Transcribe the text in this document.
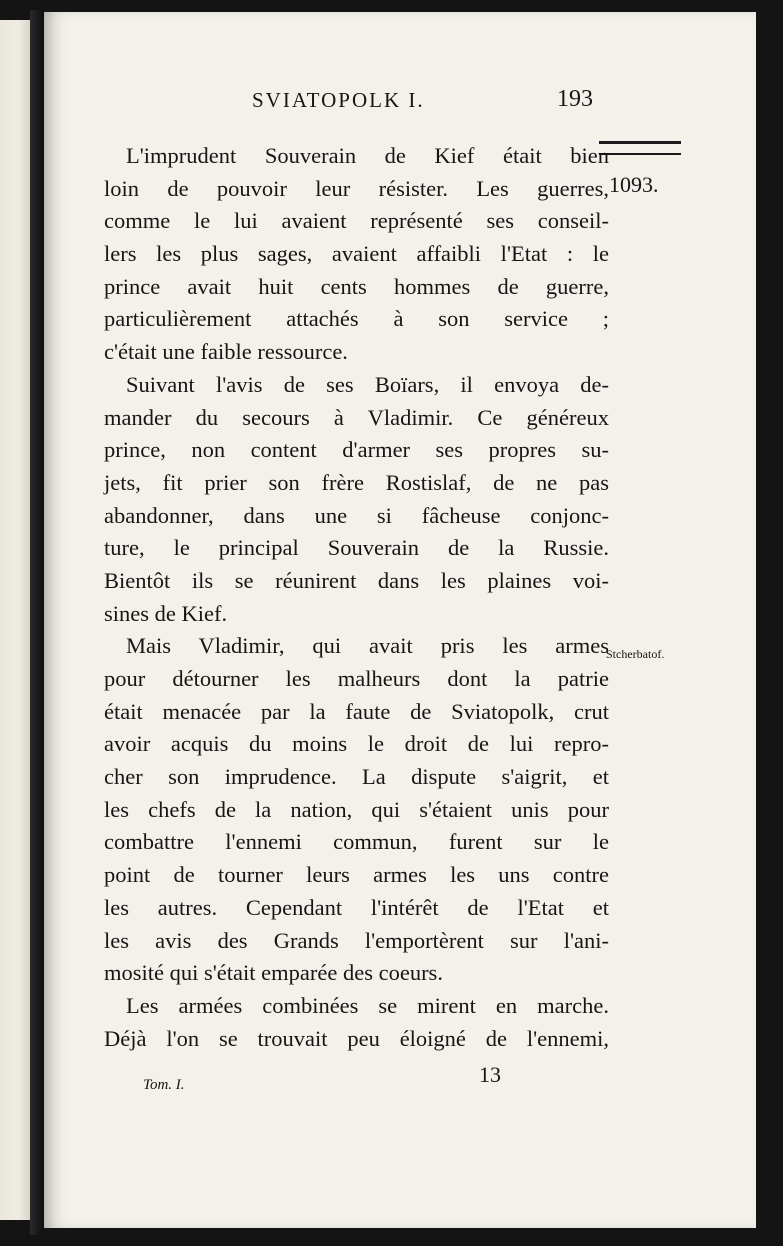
SVIATOPOLK I.	193
1093.
Stcherbatof.
L'imprudent Souverain de Kief était bien
loin de pouvoir leur résister. Les guerres,
comme le lui avaient représenté ses conseil-
lers les plus sages, avaient affaibli l'Etat : le
prince avait huit cents hommes de guerre,
particulièrement attachés à son service ;
c'était une faible ressource.
Suivant l'avis de ses Boïars, il envoya de-
mander du secours à Vladimir. Ce généreux
prince, non content d'armer ses propres su-
jets, fit prier son frère Rostislaf, de ne pas
abandonner, dans une si fâcheuse conjonc-
ture, le principal Souverain de la Russie.
Bientôt ils se réunirent dans les plaines voi-
sines de Kief.
Mais Vladimir, qui avait pris les armes
pour détourner les malheurs dont la patrie
était menacée par la faute de Sviatopolk, crut
avoir acquis du moins le droit de lui repro-
cher son imprudence. La dispute s'aigrit, et
les chefs de la nation, qui s'étaient unis pour
combattre l'ennemi commun, furent sur le
point de tourner leurs armes les uns contre
les autres. Cependant l'intérêt de l'Etat et
les avis des Grands l'emportèrent sur l'ani-
mosité qui s'était emparée des coeurs.
Les armées combinées se mirent en marche.
Déjà l'on se trouvait peu éloigné de l'ennemi,
13
Tom. I.
